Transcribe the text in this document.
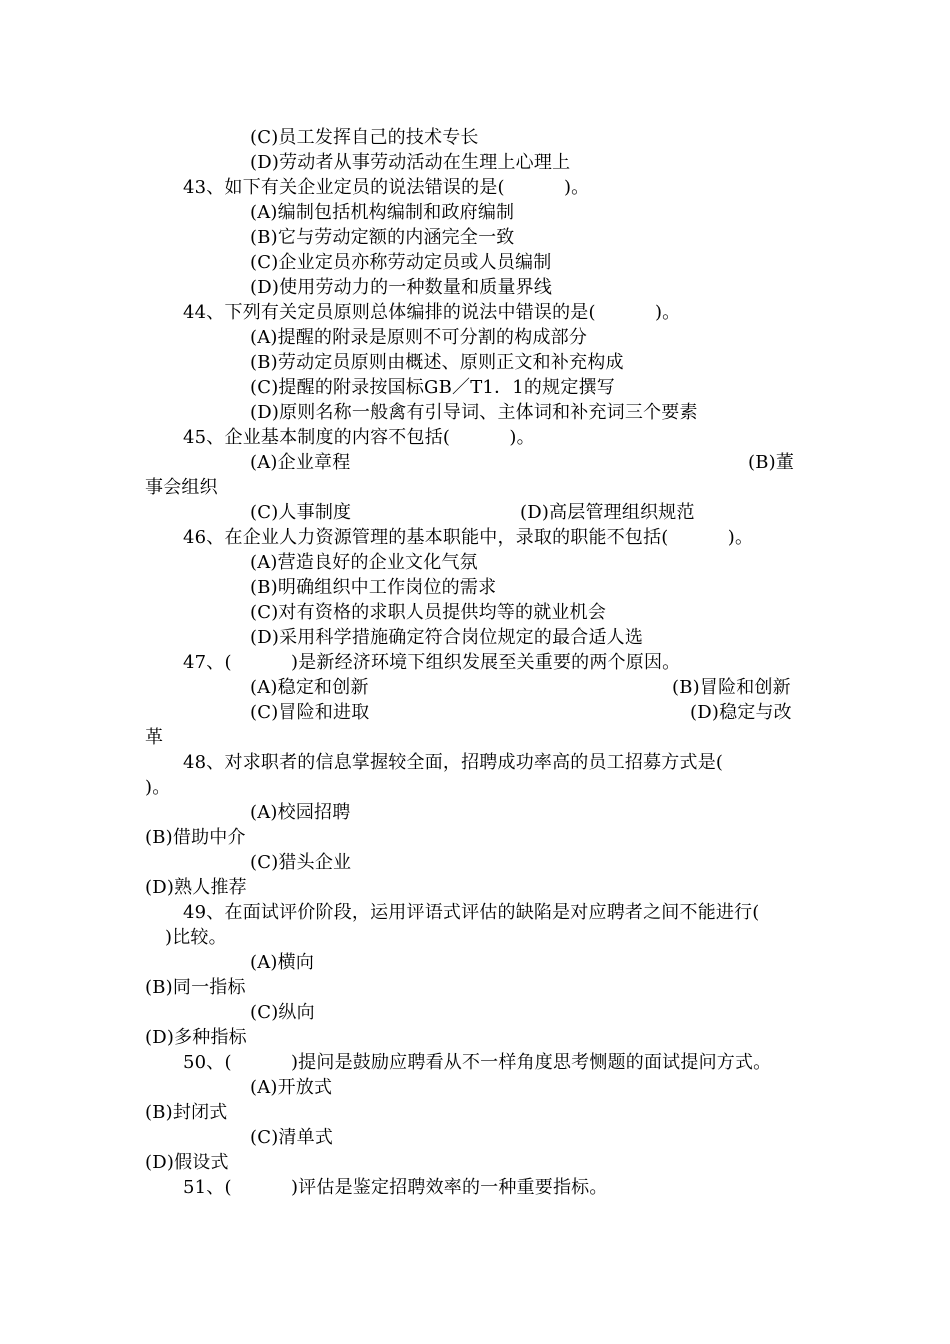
(C)员工发挥自己的技术专长
(D)劳动者从事劳动活动在生理上心理上
43、如下有关企业定员的说法错误的是(          )。
(A)编制包括机构编制和政府编制
(B)它与劳动定额的内涵完全一致
(C)企业定员亦称劳动定员或人员编制
(D)使用劳动力的一种数量和质量界线
44、下列有关定员原则总体编排的说法中错误的是(          )。
(A)提醒的附录是原则不可分割的构成部分
(B)劳动定员原则由概述、原则正文和补充构成
(C)提醒的附录按国标GB／T1．1的规定撰写
(D)原则名称一般禽有引导词、主体词和补充词三个要素
45、企业基本制度的内容不包括(          )。
(A)企业章程	(B)董
事会组织
(C)人事制度	(D)高层管理组织规范
46、在企业人力资源管理的基本职能中，录取的职能不包括(          )。
(A)营造良好的企业文化气氛
(B)明确组织中工作岗位的需求
(C)对有资格的求职人员提供均等的就业机会
(D)采用科学措施确定符合岗位规定的最合适人选
47、(          )是新经济环境下组织发展至关重要的两个原因。
(A)稳定和创新	(B)冒险和创新
(C)冒险和进取	(D)稳定与改
革
48、对求职者的信息掌握较全面，招聘成功率高的员工招募方式是(
)。
(A)校园招聘
(B)借助中介
(C)猎头企业
(D)熟人推荐
49、在面试评价阶段，运用评语式评估的缺陷是对应聘者之间不能进行(
)比较。
(A)横向
(B)同一指标
(C)纵向
(D)多种指标
50、(          )提问是鼓励应聘看从不一样角度思考恻题的面试提问方式。
(A)开放式
(B)封闭式
(C)清单式
(D)假设式
51、(          )评估是鉴定招聘效率的一种重要指标。
